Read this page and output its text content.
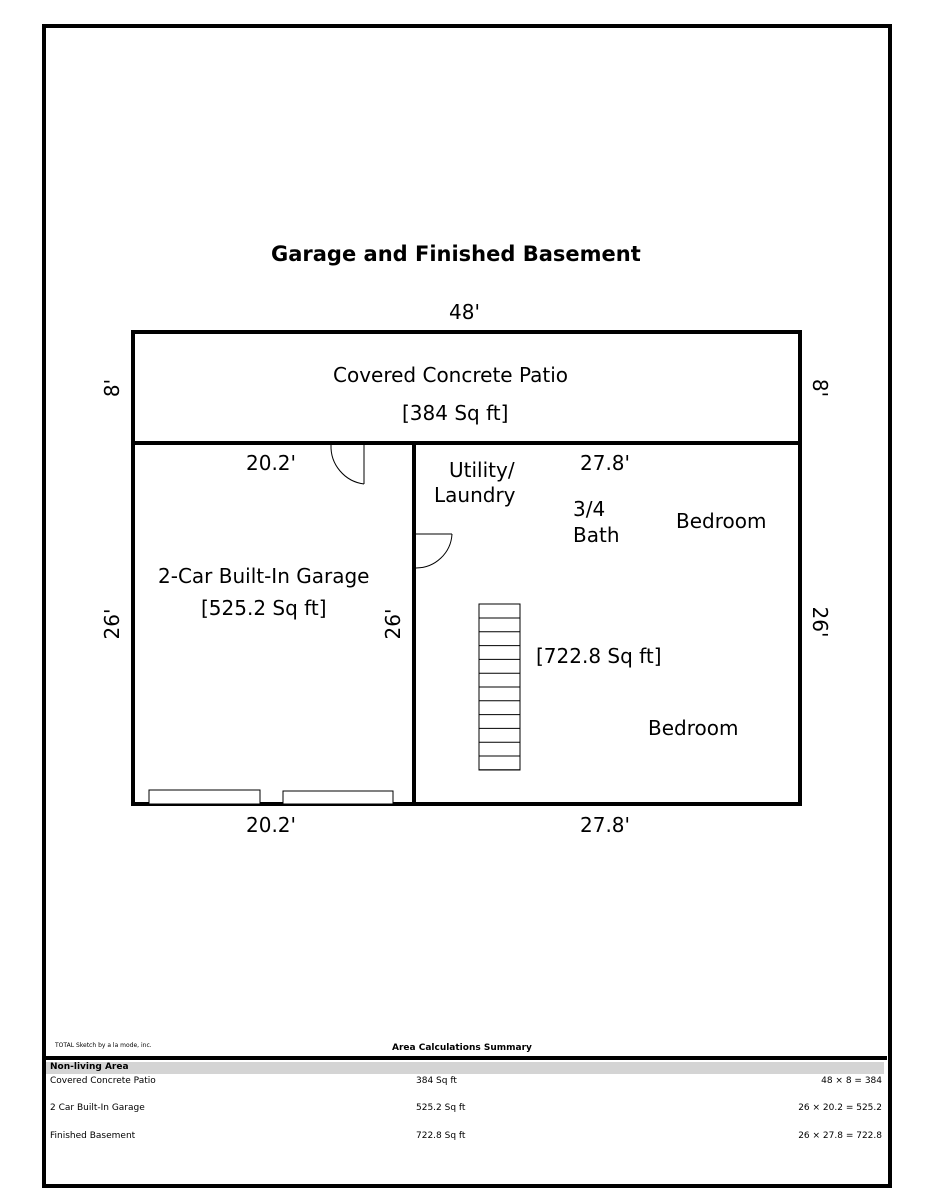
Garage and Finished Basement
48'
8'	8'
20.2'	27.8'
26'	26'	26'
20.2'	27.8'
Covered Concrete Patio
[384 Sq ft]
2-Car Built-In Garage
[525.2 Sq ft]
Utility/
Laundry
3/4
Bath
Bedroom
[722.8 Sq ft]
Bedroom
TOTAL Sketch by a la mode, inc.	Area Calculations Summary
Non-living Area
Covered Concrete Patio	384 Sq ft	48 × 8 = 384
2 Car Built-In Garage	525.2 Sq ft	26 × 20.2 = 525.2
Finished Basement	722.8 Sq ft	26 × 27.8 = 722.8
